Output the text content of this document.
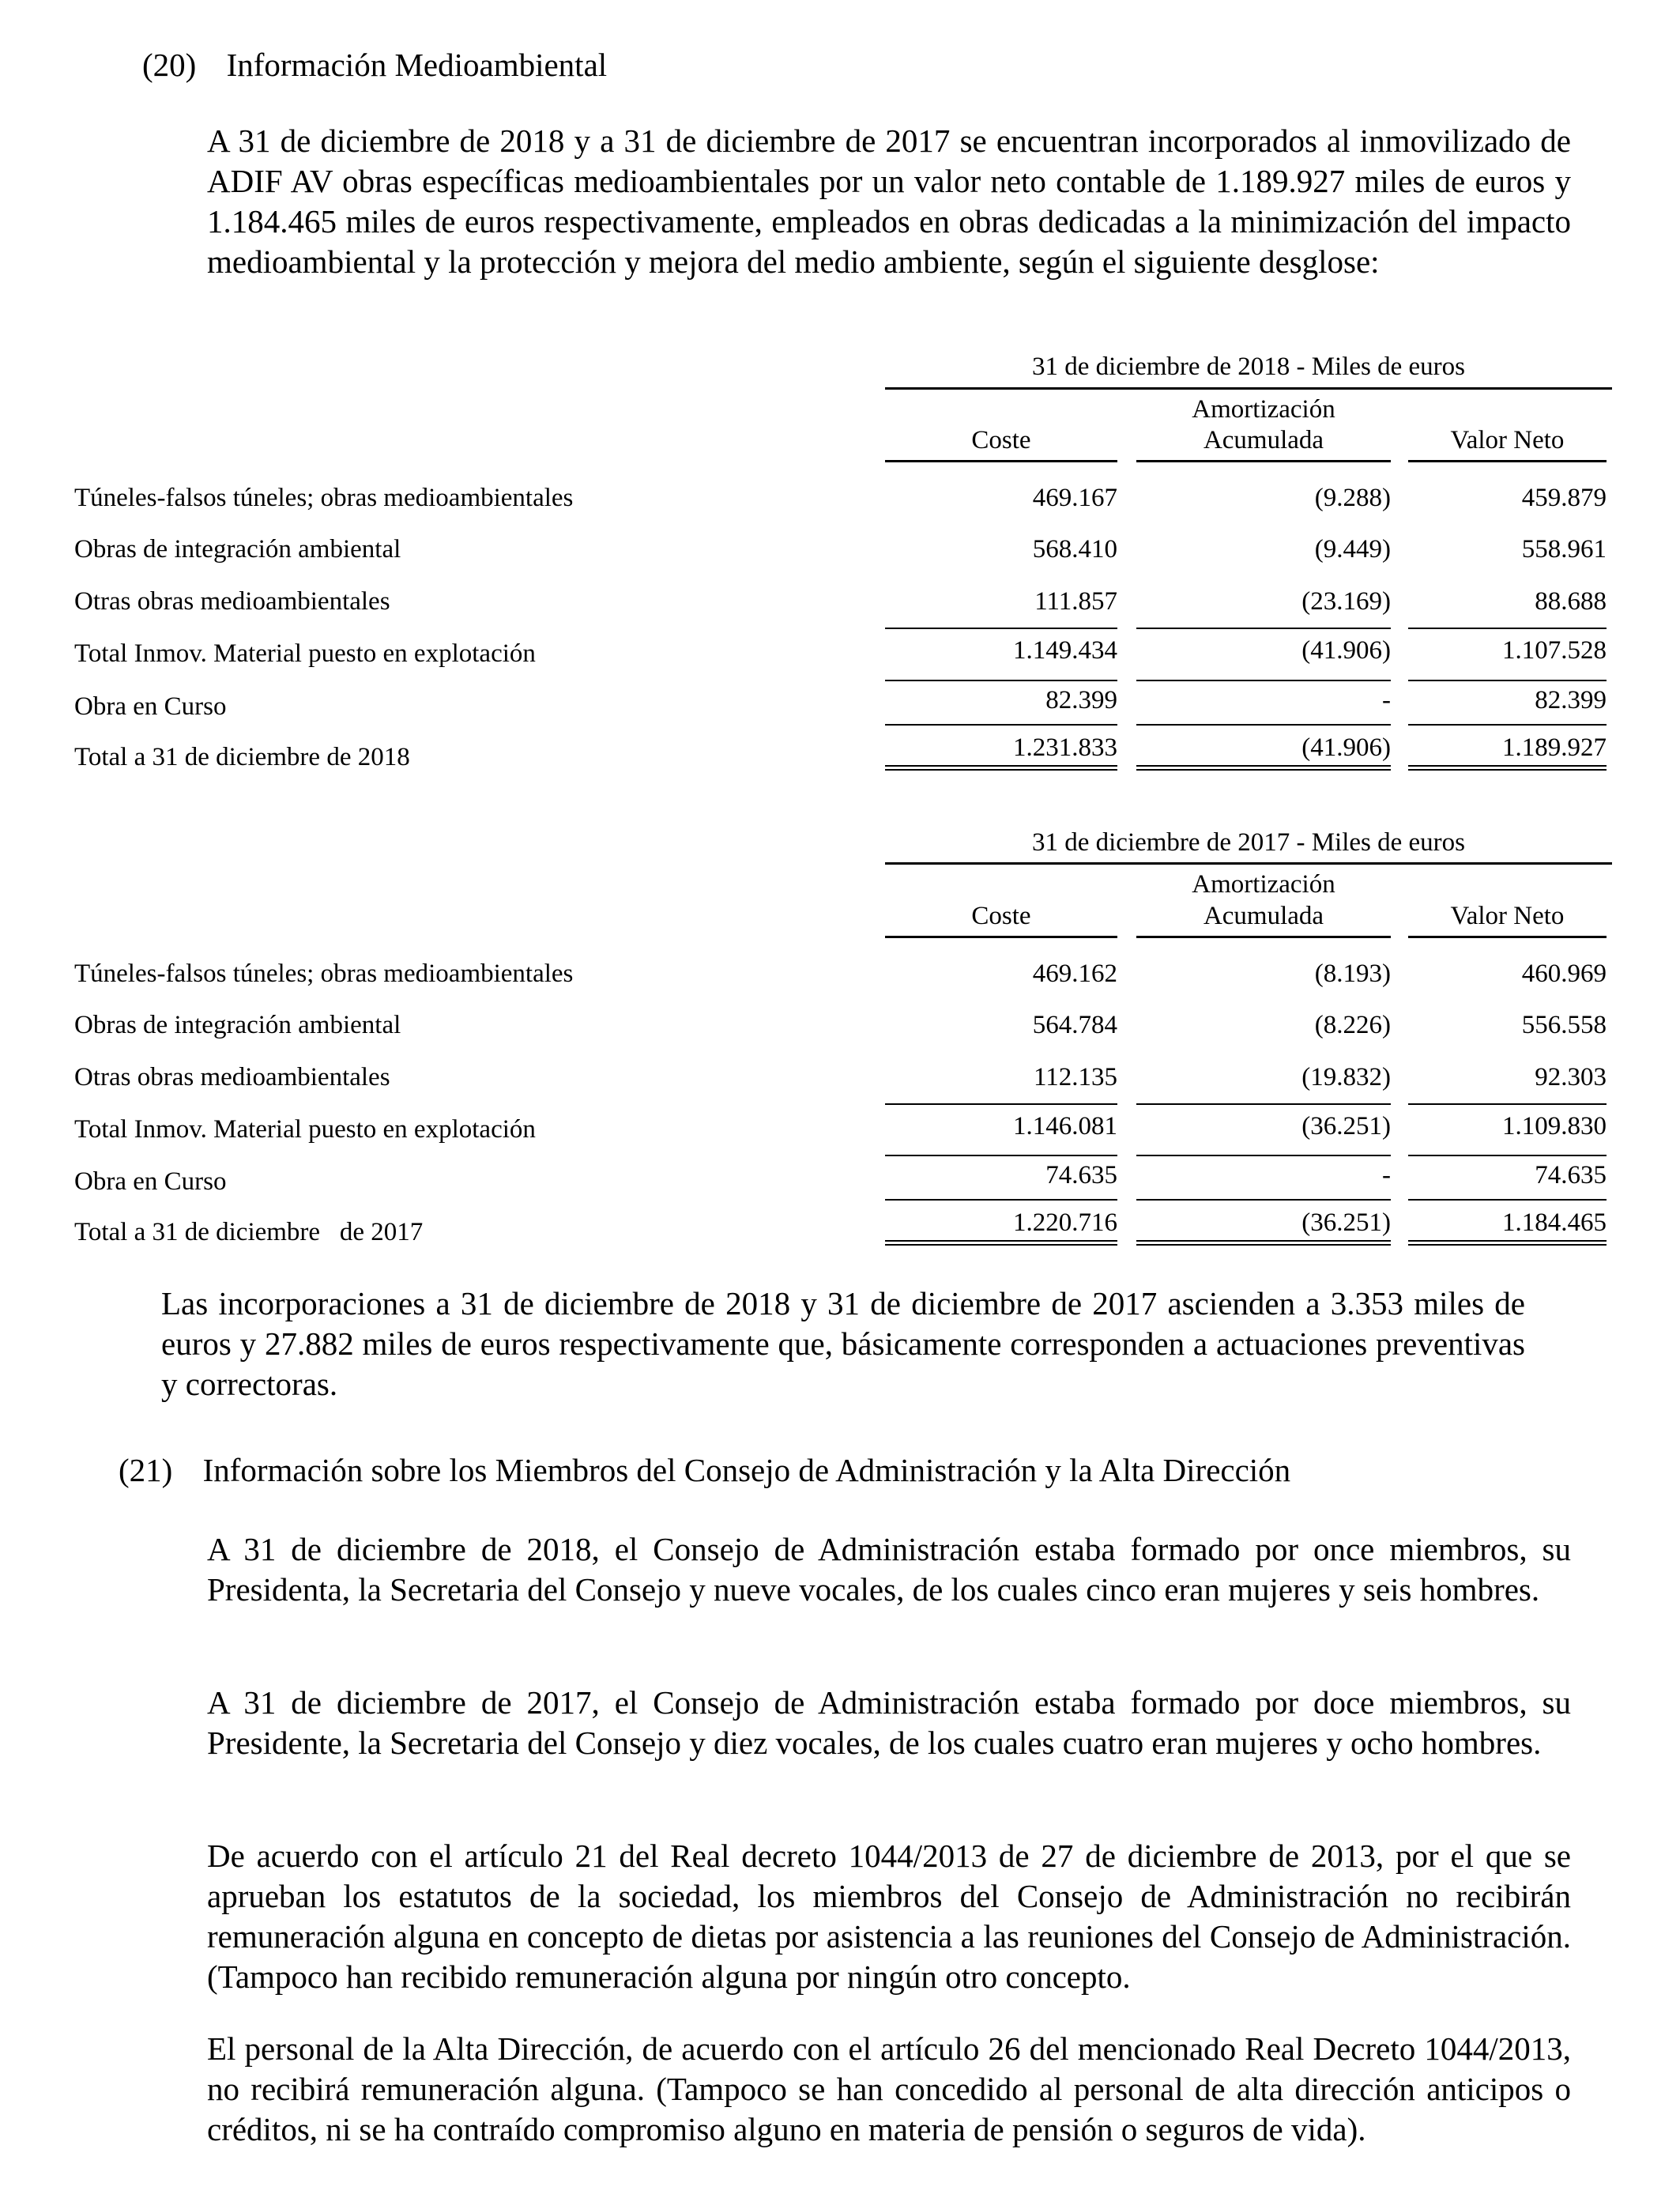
(20) Información Medioambiental

A 31 de diciembre de 2018 y a 31 de diciembre de 2017 se encuentran incorporados al inmovilizado de ADIF AV obras específicas medioambientales por un valor neto contable de 1.189.927 miles de euros y 1.184.465 miles de euros respectivamente, empleados en obras dedicadas a la minimización del impacto medioambiental y la protección y mejora del medio ambiente, según el siguiente desglose:

31 de diciembre de 2018 - Miles de euros
Amortización
Coste	Acumulada	Valor Neto
Túneles-falsos túneles; obras medioambientales	469.167	(9.288)	459.879
Obras de integración ambiental	568.410	(9.449)	558.961
Otras obras medioambientales	111.857	(23.169)	88.688
Total Inmov. Material puesto en explotación	1.149.434	(41.906)	1.107.528
Obra en Curso	82.399	-	82.399
Total a 31 de diciembre de 2018	1.231.833	(41.906)	1.189.927
31 de diciembre de 2017 - Miles de euros
Amortización
Coste	Acumulada	Valor Neto
Túneles-falsos túneles; obras medioambientales	469.162	(8.193)	460.969
Obras de integración ambiental	564.784	(8.226)	556.558
Otras obras medioambientales	112.135	(19.832)	92.303
Total Inmov. Material puesto en explotación	1.146.081	(36.251)	1.109.830
Obra en Curso	74.635	-	74.635
Total a 31 de diciembre   de 2017	1.220.716	(36.251)	1.184.465

Las incorporaciones a 31 de diciembre de 2018 y 31 de diciembre de 2017 ascienden a 3.353 miles de euros y 27.882 miles de euros respectivamente que, básicamente corresponden a actuaciones preventivas y correctoras.

(21) Información sobre los Miembros del Consejo de Administración y la Alta Dirección

A 31 de diciembre de 2018, el Consejo de Administración estaba formado por once miembros, su Presidenta, la Secretaria del Consejo y nueve vocales, de los cuales cinco eran mujeres y seis hombres.

A 31 de diciembre de 2017, el Consejo de Administración estaba formado por doce miembros, su Presidente, la Secretaria del Consejo y diez vocales, de los cuales cuatro eran mujeres y ocho hombres.

De acuerdo con el artículo 21 del Real decreto 1044/2013 de 27 de diciembre de 2013, por el que se aprueban los estatutos de la sociedad, los miembros del Consejo de Administración no recibirán remuneración alguna en concepto de dietas por asistencia a las reuniones del Consejo de Administración. (Tampoco han recibido remuneración alguna por ningún otro concepto.

El personal de la Alta Dirección, de acuerdo con el artículo 26 del mencionado Real Decreto 1044/2013, no recibirá remuneración alguna. (Tampoco se han concedido al personal de alta dirección anticipos o créditos, ni se ha contraído compromiso alguno en materia de pensión o seguros de vida).
